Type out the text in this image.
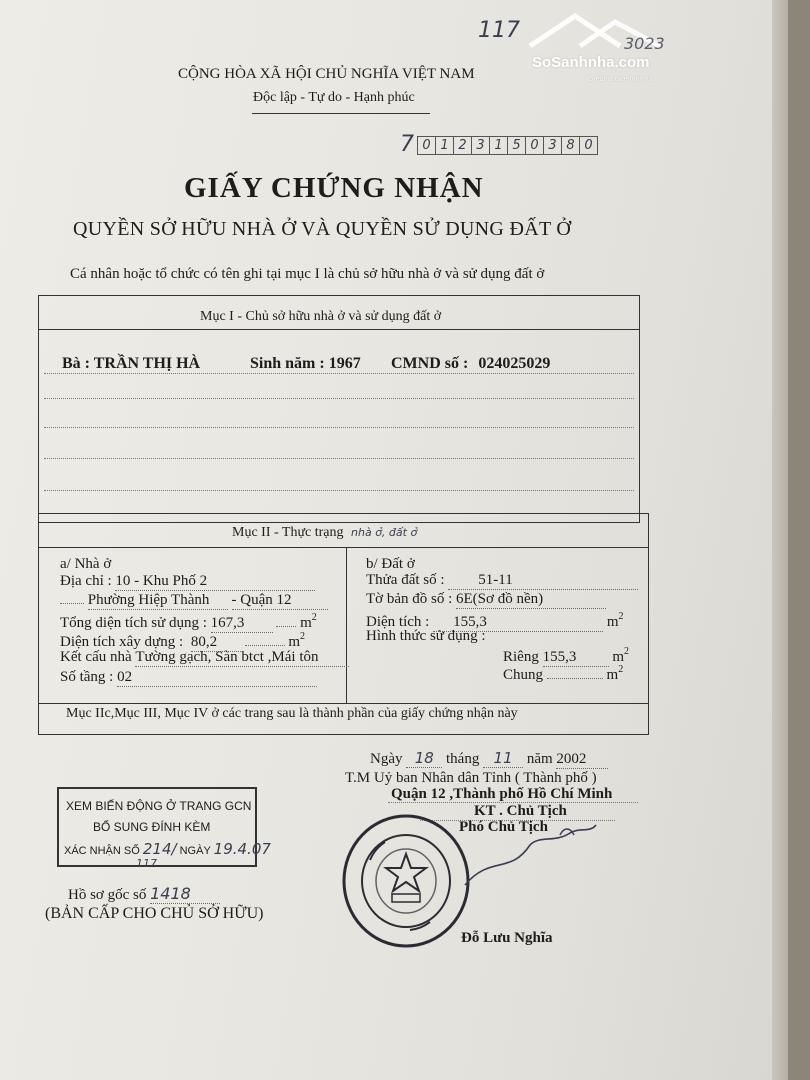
SoSanhnha.com
Great choice for you
117
3023
CỘNG HÒA XÃ HỘI CHỦ NGHĨA VIỆT NAM
Độc lập - Tự do - Hạnh phúc
7 0 1 2 3 1 5 0 3 8 0
GIẤY CHỨNG NHẬN
QUYỀN SỞ HỮU NHÀ Ở VÀ QUYỀN SỬ DỤNG ĐẤT Ở
Cá nhân hoặc tổ chức có tên ghi tại mục I là chủ sở hữu nhà ở và sử dụng đất ở
Mục I - Chủ sở hữu nhà ở và sử dụng đất ở
Bà : TRẦN THỊ HÀ	Sinh năm : 1967 CMND số : 024025029
Mục II - Thực trạng nhà ở, đất ở
a/ Nhà ở
Địa chỉ : 10 - Khu Phố 2
Phường Hiệp Thành - Quận 12
Tổng diện tích sử dụng : 167,3	$m^2$
Diện tích xây dựng : 80,2	$m^2$
Kết cấu nhà Tường gạch, Sàn btct ,Mái tôn
Số tầng : 02
b/ Đất ở
Thửa đất số : 51-11
Tờ bản đồ số : 6E(Sơ đồ nền)
Diện tích : 155,3	$m^2$
Hình thức sử dụng :
Riêng 155,3 $m^2$
Chung	$m^2$
Mục IIc,Mục III, Mục IV ở các trang sau là thành phần của giấy chứng nhận này
Ngày 18 tháng 11 năm 2002
T.M Uỷ ban Nhân dân Tỉnh ( Thành phố )
Quận 12 ,Thành phố Hồ Chí Minh
KT . Chủ Tịch
Phó Chủ Tịch
Đỗ Lưu Nghĩa
XEM BIẾN ĐỘNG Ở TRANG GCN
BỔ SUNG ĐÍNH KÈM
XÁC NHẬN SỐ 214/ NGÀY 19.4.07
117
Hồ sơ gốc số 1418
(BẢN CẤP CHO CHỦ SỞ HỮU)
